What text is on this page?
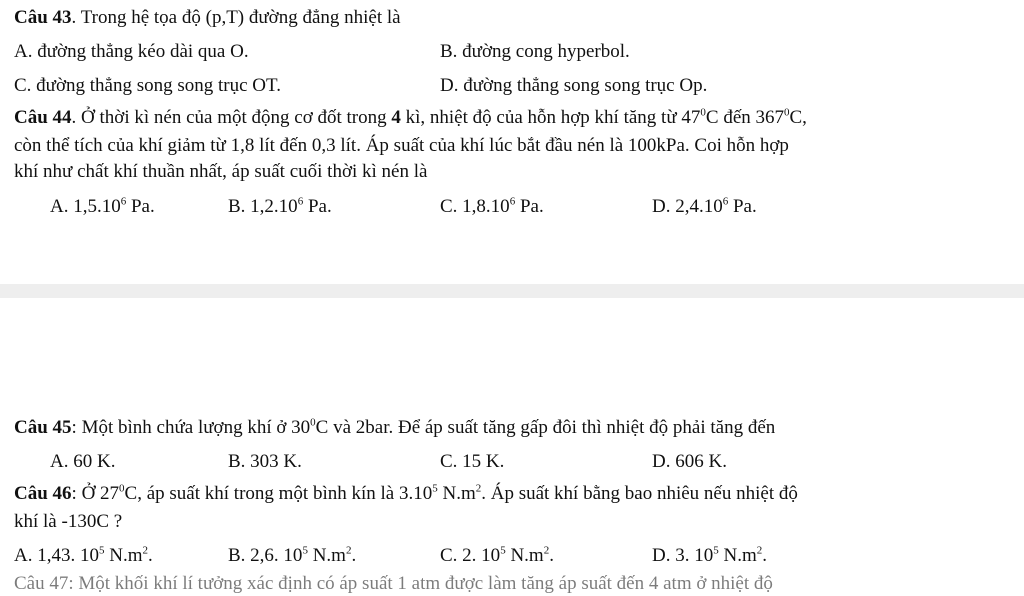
Câu 43. Trong hệ tọa độ (p,T) đường đẳng nhiệt là
A. đường thẳng kéo dài qua O.	B. đường cong hyperbol.
C. đường thẳng song song trục OT.	D. đường thẳng song song trục Op.
Câu 44. Ở thời kì nén của một động cơ đốt trong 4 kì, nhiệt độ của hỗn hợp khí tăng từ $47^0C$ đến $367^0C$,
còn thể tích của khí giảm từ 1,8 lít đến 0,3 lít. Áp suất của khí lúc bắt đầu nén là 100kPa. Coi hỗn hợp
khí như chất khí thuần nhất, áp suất cuối thời kì nén là
A. 1,5.10$^6$ Pa.	B. 1,2.10$^6$ Pa.	C. 1,8.10$^6$ Pa.	D. 2,4.10$^6$ Pa.
Câu 45: Một bình chứa lượng khí ở $30^0C$ và 2bar. Để áp suất tăng gấp đôi thì nhiệt độ phải tăng đến
A. 60 K.	B. 303 K.	C. 15 K.	D. 606 K.
Câu 46: Ở $27^0C$, áp suất khí trong một bình kín là 3.10$^5$ $N.m^2$. Áp suất khí bằng bao nhiêu nếu nhiệt độ
khí là -130C ?
A. 1,43. $10^5$ $N.m^2$.	B. 2,6. $10^5$ $N.m^2$.	C. 2. $10^5$ $N.m^2$.	D. 3. $10^5$ $N.m^2$.
Câu 47: Một khối khí lí tưởng xác định có áp suất 1 atm được làm tăng áp suất đến 4 atm ở nhiệt độ
